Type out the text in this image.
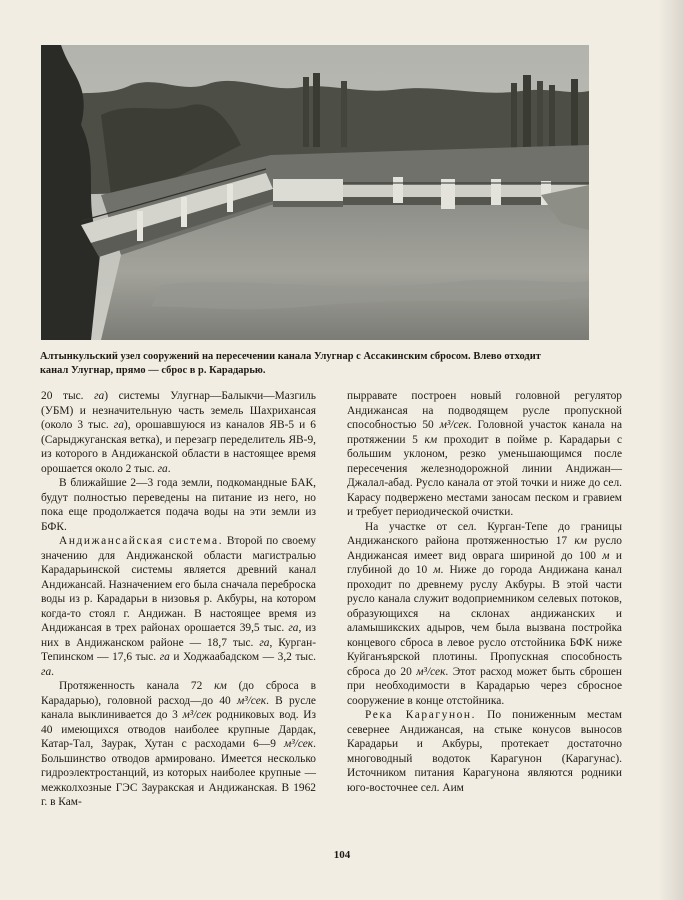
Алтынкульский узел сооружений на пересечении канала Улугнар с Ассакинским сбросом. Влево отходит

канал Улугнар, прямо — сброс в р. Карадарью.

20 тыс. га) системы Улугнар—Балыкчи—Мазгиль (УБМ) и незначительную часть земель Шахрихансая (около 3 тыс. га), орошавшуюся из каналов ЯВ-5 и 6 (Сарыджуганская ветка), и перезагр переделитель ЯВ-9, из которого в Андижанской области в настоящее время орошается около 2 тыс. га.

В ближайшие 2—3 года земли, подкомандные БАК, будут полностью переведены на питание из него, но пока еще продолжается подача воды на эти земли из БФК.

Андижансайская система. Второй по своему значению для Андижанской области магистралью Карадарьинской системы является древний канал Андижансай. Назначением его была сначала переброска воды из р. Карадарьи в низовья р. Акбуры, на котором когда-то стоял г. Андижан. В настоящее время из Андижансая в трех районах орошается 39,5 тыс. га, из них в Андижанском районе — 18,7 тыс. га, Курган-Тепинском — 17,6 тыс. га и Ходжаабадском — 3,2 тыс. га.

Протяженность канала 72 км (до сброса в Карадарью), головной расход—до 40 м³/сек. В русле канала выклинивается до 3 м³/сек родниковых вод. Из 40 имеющихся отводов наиболее крупные Дардак, Катар-Тал, Заурак, Хутан с расходами 6—9 м³/сек. Большинство отводов армировано. Имеется несколько гидроэлектростанций, из которых наиболее крупные — межколхозные ГЭС Зауракская и Андижанская. В 1962 г. в Кам-

пырравате построен новый головной регулятор Андижансая на подводящем русле пропускной способностью 50 м³/сек. Головной участок канала на протяжении 5 км проходит в пойме р. Карадарьи с большим уклоном, резко уменьшающимся после пересечения железнодорожной линии Андижан—Джалал-абад. Русло канала от этой точки и ниже до сел. Карасу подвержено местами заносам песком и гравием и требует периодической очистки.

На участке от сел. Курган-Тепе до границы Андижанского района протяженностью 17 км русло Андижансая имеет вид оврага шириной до 100 м и глубиной до 10 м. Ниже до города Андижана канал проходит по древнему руслу Акбуры. В этой части русло канала служит водоприемником селевых потоков, образующихся на склонах андижанских и аламышикских адыров, чем была вызвана постройка концевого сброса в левое русло отстойника БФК ниже Куйганъярской плотины. Пропускная способность сброса до 20 м³/сек. Этот расход может быть сброшен при необходимости в Карадарью через сбросное сооружение в конце отстойника.

Река Карагунон. По пониженным местам севернее Андижансая, на стыке конусов выносов Карадарьи и Акбуры, протекает достаточно многоводный водоток Карагунон (Карагунас). Источником питания Карагунона являются родники юго-восточнее сел. Аим

104
